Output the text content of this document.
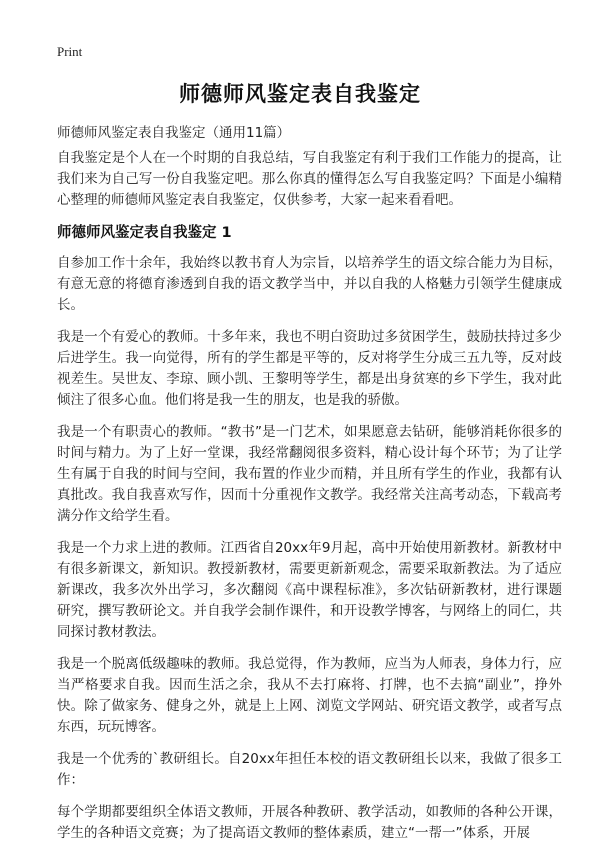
Print
师德师风鉴定表自我鉴定
师德师风鉴定表自我鉴定（通用11篇）

自我鉴定是个人在一个时期的自我总结，写自我鉴定有利于我们工作能力的提高，让我们来为自己写一份自我鉴定吧。那么你真的懂得怎么写自我鉴定吗？下面是小编精心整理的师德师风鉴定表自我鉴定，仅供参考，大家一起来看看吧。

师德师风鉴定表自我鉴定 1

自参加工作十余年，我始终以教书育人为宗旨，以培养学生的语文综合能力为目标，有意无意的将德育渗透到自我的语文教学当中，并以自我的人格魅力引领学生健康成长。

我是一个有爱心的教师。十多年来，我也不明白资助过多贫困学生，鼓励扶持过多少后进学生。我一向觉得，所有的学生都是平等的，反对将学生分成三五九等，反对歧视差生。吴世友、李琼、顾小凯、王黎明等学生，都是出身贫寒的乡下学生，我对此倾注了很多心血。他们将是我一生的朋友，也是我的骄傲。

我是一个有职责心的教师。“教书”是一门艺术，如果愿意去钻研，能够消耗你很多的时间与精力。为了上好一堂课，我经常翻阅很多资料，精心设计每个环节；为了让学生有属于自我的时间与空间，我布置的作业少而精，并且所有学生的作业，我都有认真批改。我自我喜欢写作，因而十分重视作文教学。我经常关注高考动态，下载高考满分作文给学生看。

我是一个力求上进的教师。江西省自20xx年9月起，高中开始使用新教材。新教材中有很多新课文，新知识。教授新教材，需要更新新观念，需要采取新教法。为了适应新课改，我多次外出学习，多次翻阅《高中课程标准》，多次钻研新教材，进行课题研究，撰写教研论文。并自我学会制作课件，和开设教学博客，与网络上的同仁，共同探讨教材教法。

我是一个脱离低级趣味的教师。我总觉得，作为教师，应当为人师表，身体力行，应当严格要求自我。因而生活之余，我从不去打麻将、打牌，也不去搞“副业”，挣外快。除了做家务、健身之外，就是上上网、浏览文学网站、研究语文教学，或者写点东西，玩玩博客。

我是一个优秀的`教研组长。自20xx年担任本校的语文教研组长以来，我做了很多工作：

每个学期都要组织全体语文教师，开展各种教研、教学活动，如教师的各种公开课，学生的各种语文竞赛；为了提高语文教师的整体素质，建立“一帮一”体系，开展
